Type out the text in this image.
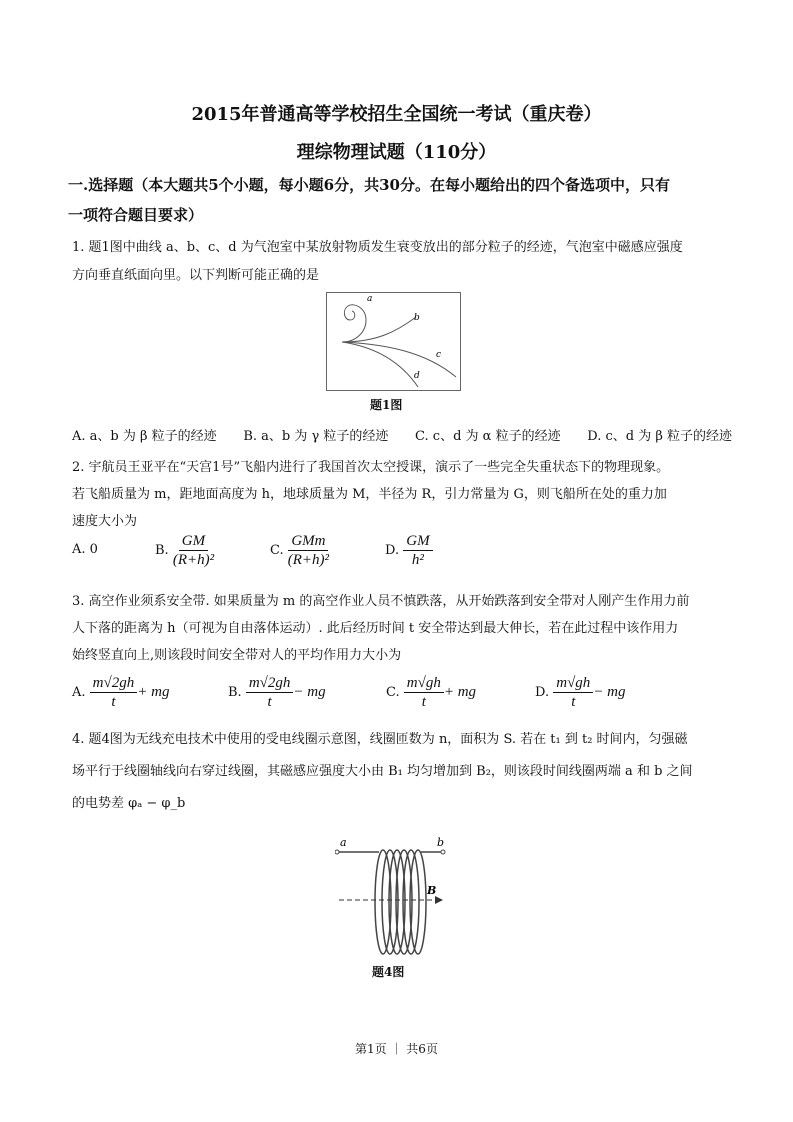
2015年普通高等学校招生全国统一考试（重庆卷）
理综物理试题（110分）
一.选择题（本大题共5个小题，每小题6分，共30分。在每小题给出的四个备选项中，只有
一项符合题目要求）
1. 题1图中曲线 a、b、c、d 为气泡室中某放射物质发生衰变放出的部分粒子的经迹，气泡室中磁感应强度
方向垂直纸面向里。以下判断可能正确的是
a
b
c
d
题1图
A. a、b 为 β 粒子的经迹 B. a、b 为 γ 粒子的经迹 C. c、d 为 α 粒子的经迹 D. c、d 为 β 粒子的经迹
2. 宇航员王亚平在“天宫1号”飞船内进行了我国首次太空授课，演示了一些完全失重状态下的物理现象。
若飞船质量为 m，距地面高度为 h，地球质量为 M，半径为 R，引力常量为 G，则飞船所在处的重力加
速度大小为
A. 0	B. $\frac{GM}{\text{(R+h)²}}$	C. $\frac{\text{GMm}}{\text{(R+h)²}}$	D. $\frac{GM}{\text{h²}}$
3. 高空作业须系安全带. 如果质量为 m 的高空作业人员不慎跌落，从开始跌落到安全带对人刚产生作用力前
人下落的距离为 h（可视为自由落体运动）. 此后经历时间 t 安全带达到最大伸长，若在此过程中该作用力
始终竖直向上,则该段时间安全带对人的平均作用力大小为
A. $\frac{m√2gh}{t}$ + mg	B. $\frac{m√2gh}{t}$ − mg	C. $\frac{m√gh}{t}$ + mg	D. $\frac{m√gh}{t}$ − mg
4. 题4图为无线充电技术中使用的受电线圈示意图，线圈匝数为 n，面积为 S. 若在 t₁ 到 t₂ 时间内，匀强磁
场平行于线圈轴线向右穿过线圈，其磁感应强度大小由 B₁ 均匀增加到 B₂，则该段时间线圈两端 a 和 b 之间
的电势差 φₐ − φ_b
a	b
B
题4图
第1页 ｜ 共6页
